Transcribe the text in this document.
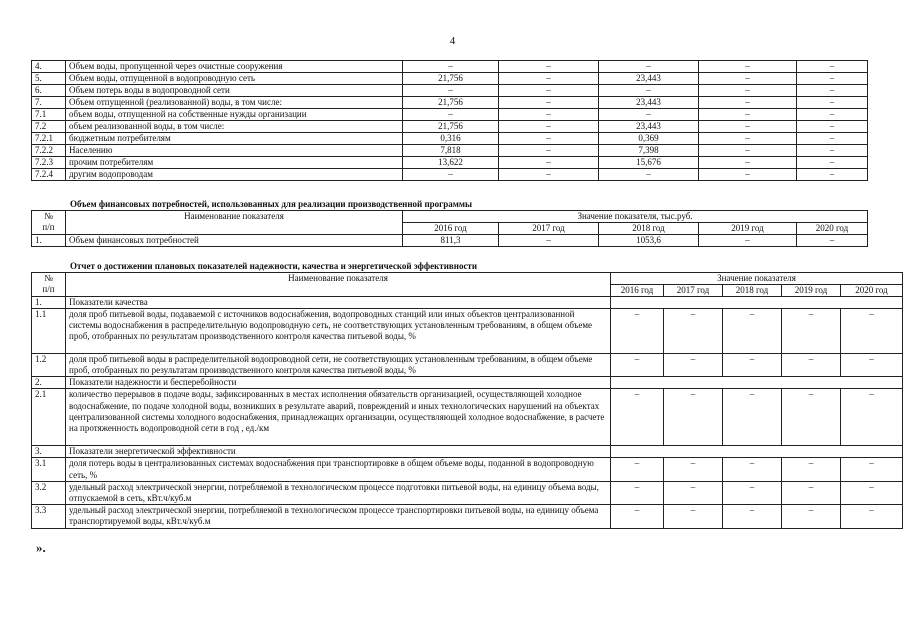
4
4.	Объем воды, пропущенной через очистные сооружения	–	–	–	–	–
5.	Объем воды, отпущенной в водопроводную сеть	21,756	–	23,443	–	–
6.	Объем потерь воды в водопроводной сети	–	–	–	–	–
7.	Объем отпущенной (реализованной) воды, в том числе:	21,756	–	23,443	–	–
7.1	объем воды, отпущенной на собственные нужды организации	–	–	–	–	–
7.2	объем реализованной воды, в том числе:	21,756	–	23,443	–	–
7.2.1	бюджетным потребителям	0,316	–	0,369	–	–
7.2.2	Населению	7,818	–	7,398	–	–
7.2.3	прочим потребителям	13,622	–	15,676	–	–
7.2.4	другим водопроводам	–	–	–	–	–
Объем финансовых потребностей, использованных для реализации производственной программы
№
п/п	Наименование показателя	Значение показателя, тыс.руб.				
		2016 год	2017 год	2018 год	2019 год	2020 год
1.	Объем финансовых потребностей	811,3	–	1053,6	–	–
Отчет о достижении плановых показателей надежности, качества и энергетической эффективности
№
п/п	Наименование показателя	Значение показателя				
		2016 год	2017 год	2018 год	2019 год	2020 год
1.	Показатели качества					
1.1	доля проб питьевой воды, подаваемой с источников водоснабжения, водопроводных станций или иных объектов централизованной системы водоснабжения в распределительную водопроводную сеть, не соответствующих установленным требованиям, в общем объеме проб, отобранных по результатам производственного контроля качества питьевой воды, %	–	–	–	–	–
1.2	доля проб питьевой воды в распределительной водопроводной сети, не соответствующих установленным требованиям, в общем объеме проб, отобранных по результатам производственного контроля качества питьевой воды, %	–	–	–	–	–
2.	Показатели надежности и бесперебойности					
2.1	количество перерывов в подаче воды, зафиксированных в местах исполнения обязательств организацией, осуществляющей холодное водоснабжение, по подаче холодной воды, возникших в результате аварий, повреждений и иных технологических нарушений на объектах централизованной системы холодного водоснабжения, принадлежащих организации, осуществляющей холодное водоснабжение, в расчете на протяженность водопроводной сети в год , ед./км	–	–	–	–	–
3.	Показатели энергетической эффективности					
3.1	доля потерь воды в централизованных системах водоснабжения при транспортировке в общем объеме воды, поданной в водопроводную сеть, %	–	–	–	–	–
3.2	удельный расход электрической энергии, потребляемой в технологическом процессе подготовки питьевой воды, на единицу объема воды, отпускаемой в сеть, кВт.ч/куб.м	–	–	–	–	–
3.3	удельный расход электрической энергии, потребляемой в технологическом процессе транспортировки питьевой воды, на единицу объема транспортируемой воды, кВт.ч/куб.м	–	–	–	–	–
».
